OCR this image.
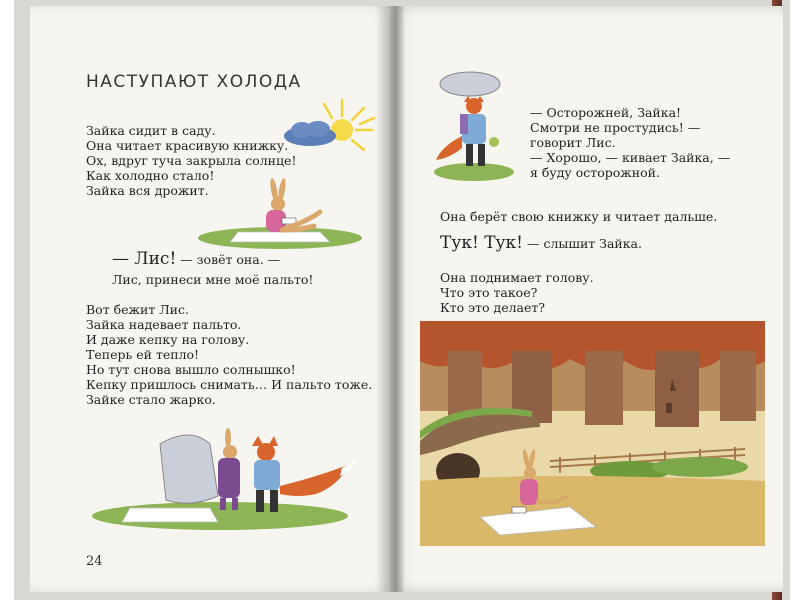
НАСТУПАЮТ ХОЛОДА
Зайка сидит в саду.
Она читает красивую книжку.
Ох, вдруг туча закрыла солнце!
Как холодно стало!
Зайка вся дрожит.
— Лис! — зовёт она. —
Лис, принеси мне моё пальто!
Вот бежит Лис.
Зайка надевает пальто.
И даже кепку на голову.
Теперь ей тепло!
Но тут снова вышло солнышко!
Кепку пришлось снимать… И пальто тоже.
Зайке стало жарко.
24
— Осторожней, Зайка!
Смотри не простудись! —
говорит Лис.
— Хорошо, — кивает Зайка, —
я буду осторожной.
Она берёт свою книжку и читает дальше.
Тук! Тук! — слышит Зайка.
Она поднимает голову.
Что это такое?
Кто это делает?
